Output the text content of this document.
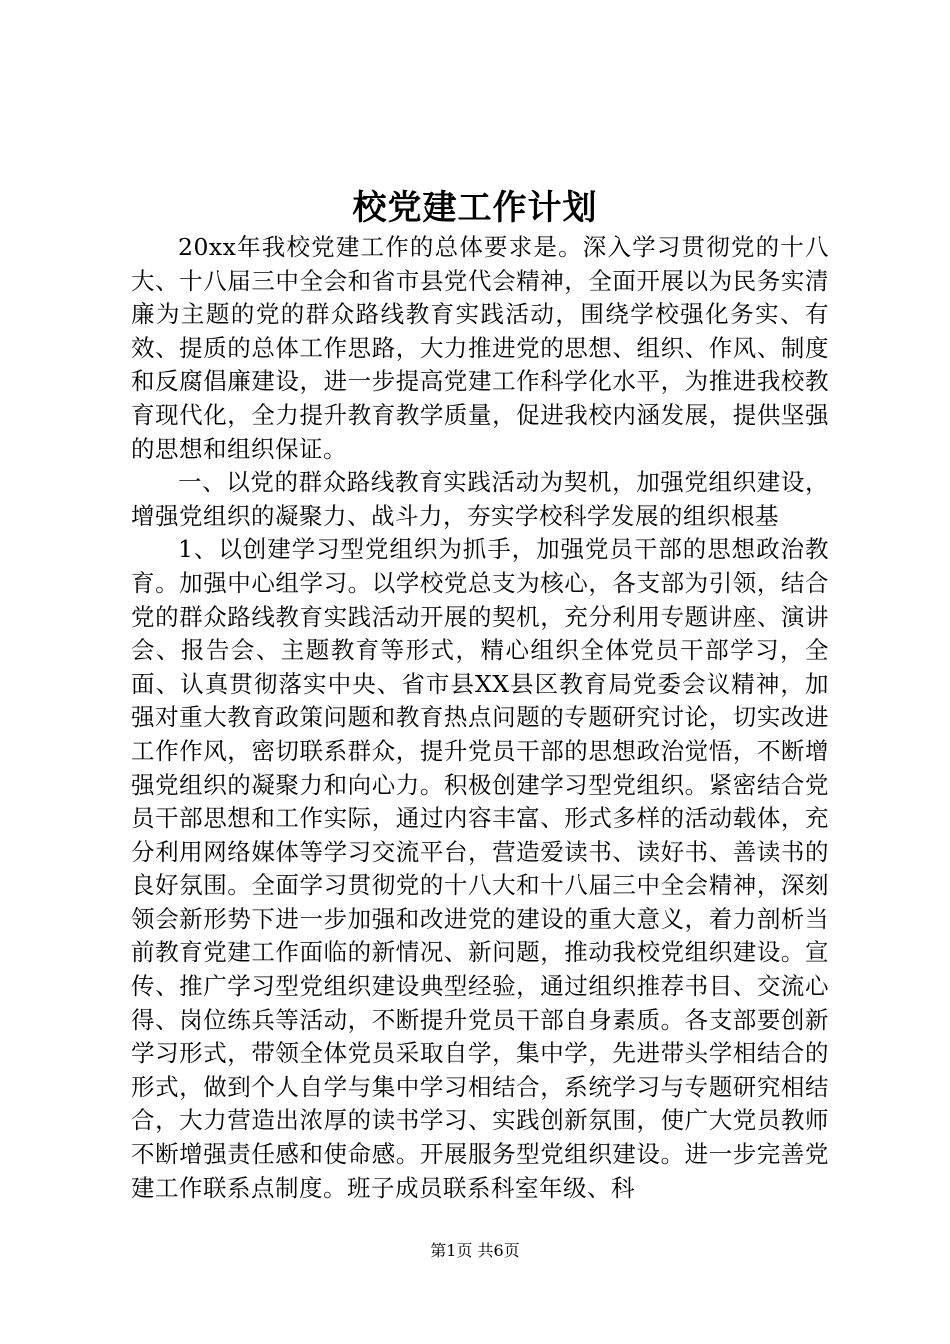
校党建工作计划

20xx年我校党建工作的总体要求是。深入学习贯彻党的十八大、十八届三中全会和省市县党代会精神，全面开展以为民务实清廉为主题的党的群众路线教育实践活动，围绕学校强化务实、有效、提质的总体工作思路，大力推进党的思想、组织、作风、制度和反腐倡廉建设，进一步提高党建工作科学化水平，为推进我校教育现代化，全力提升教育教学质量，促进我校内涵发展，提供坚强的思想和组织保证。

一、以党的群众路线教育实践活动为契机，加强党组织建设，增强党组织的凝聚力、战斗力，夯实学校科学发展的组织根基

1、以创建学习型党组织为抓手，加强党员干部的思想政治教育。加强中心组学习。以学校党总支为核心，各支部为引领，结合党的群众路线教育实践活动开展的契机，充分利用专题讲座、演讲会、报告会、主题教育等形式，精心组织全体党员干部学习，全面、认真贯彻落实中央、省市县XX县区教育局党委会议精神，加强对重大教育政策问题和教育热点问题的专题研究讨论，切实改进工作作风，密切联系群众，提升党员干部的思想政治觉悟，不断增强党组织的凝聚力和向心力。积极创建学习型党组织。紧密结合党员干部思想和工作实际，通过内容丰富、形式多样的活动载体，充分利用网络媒体等学习交流平台，营造爱读书、读好书、善读书的良好氛围。全面学习贯彻党的十八大和十八届三中全会精神，深刻领会新形势下进一步加强和改进党的建设的重大意义，着力剖析当前教育党建工作面临的新情况、新问题，推动我校党组织建设。宣传、推广学习型党组织建设典型经验，通过组织推荐书目、交流心得、岗位练兵等活动，不断提升党员干部自身素质。各支部要创新学习形式，带领全体党员采取自学，集中学，先进带头学相结合的形式，做到个人自学与集中学习相结合，系统学习与专题研究相结合，大力营造出浓厚的读书学习、实践创新氛围，使广大党员教师不断增强责任感和使命感。开展服务型党组织建设。进一步完善党建工作联系点制度。班子成员联系科室年级、科

第1页 共6页
